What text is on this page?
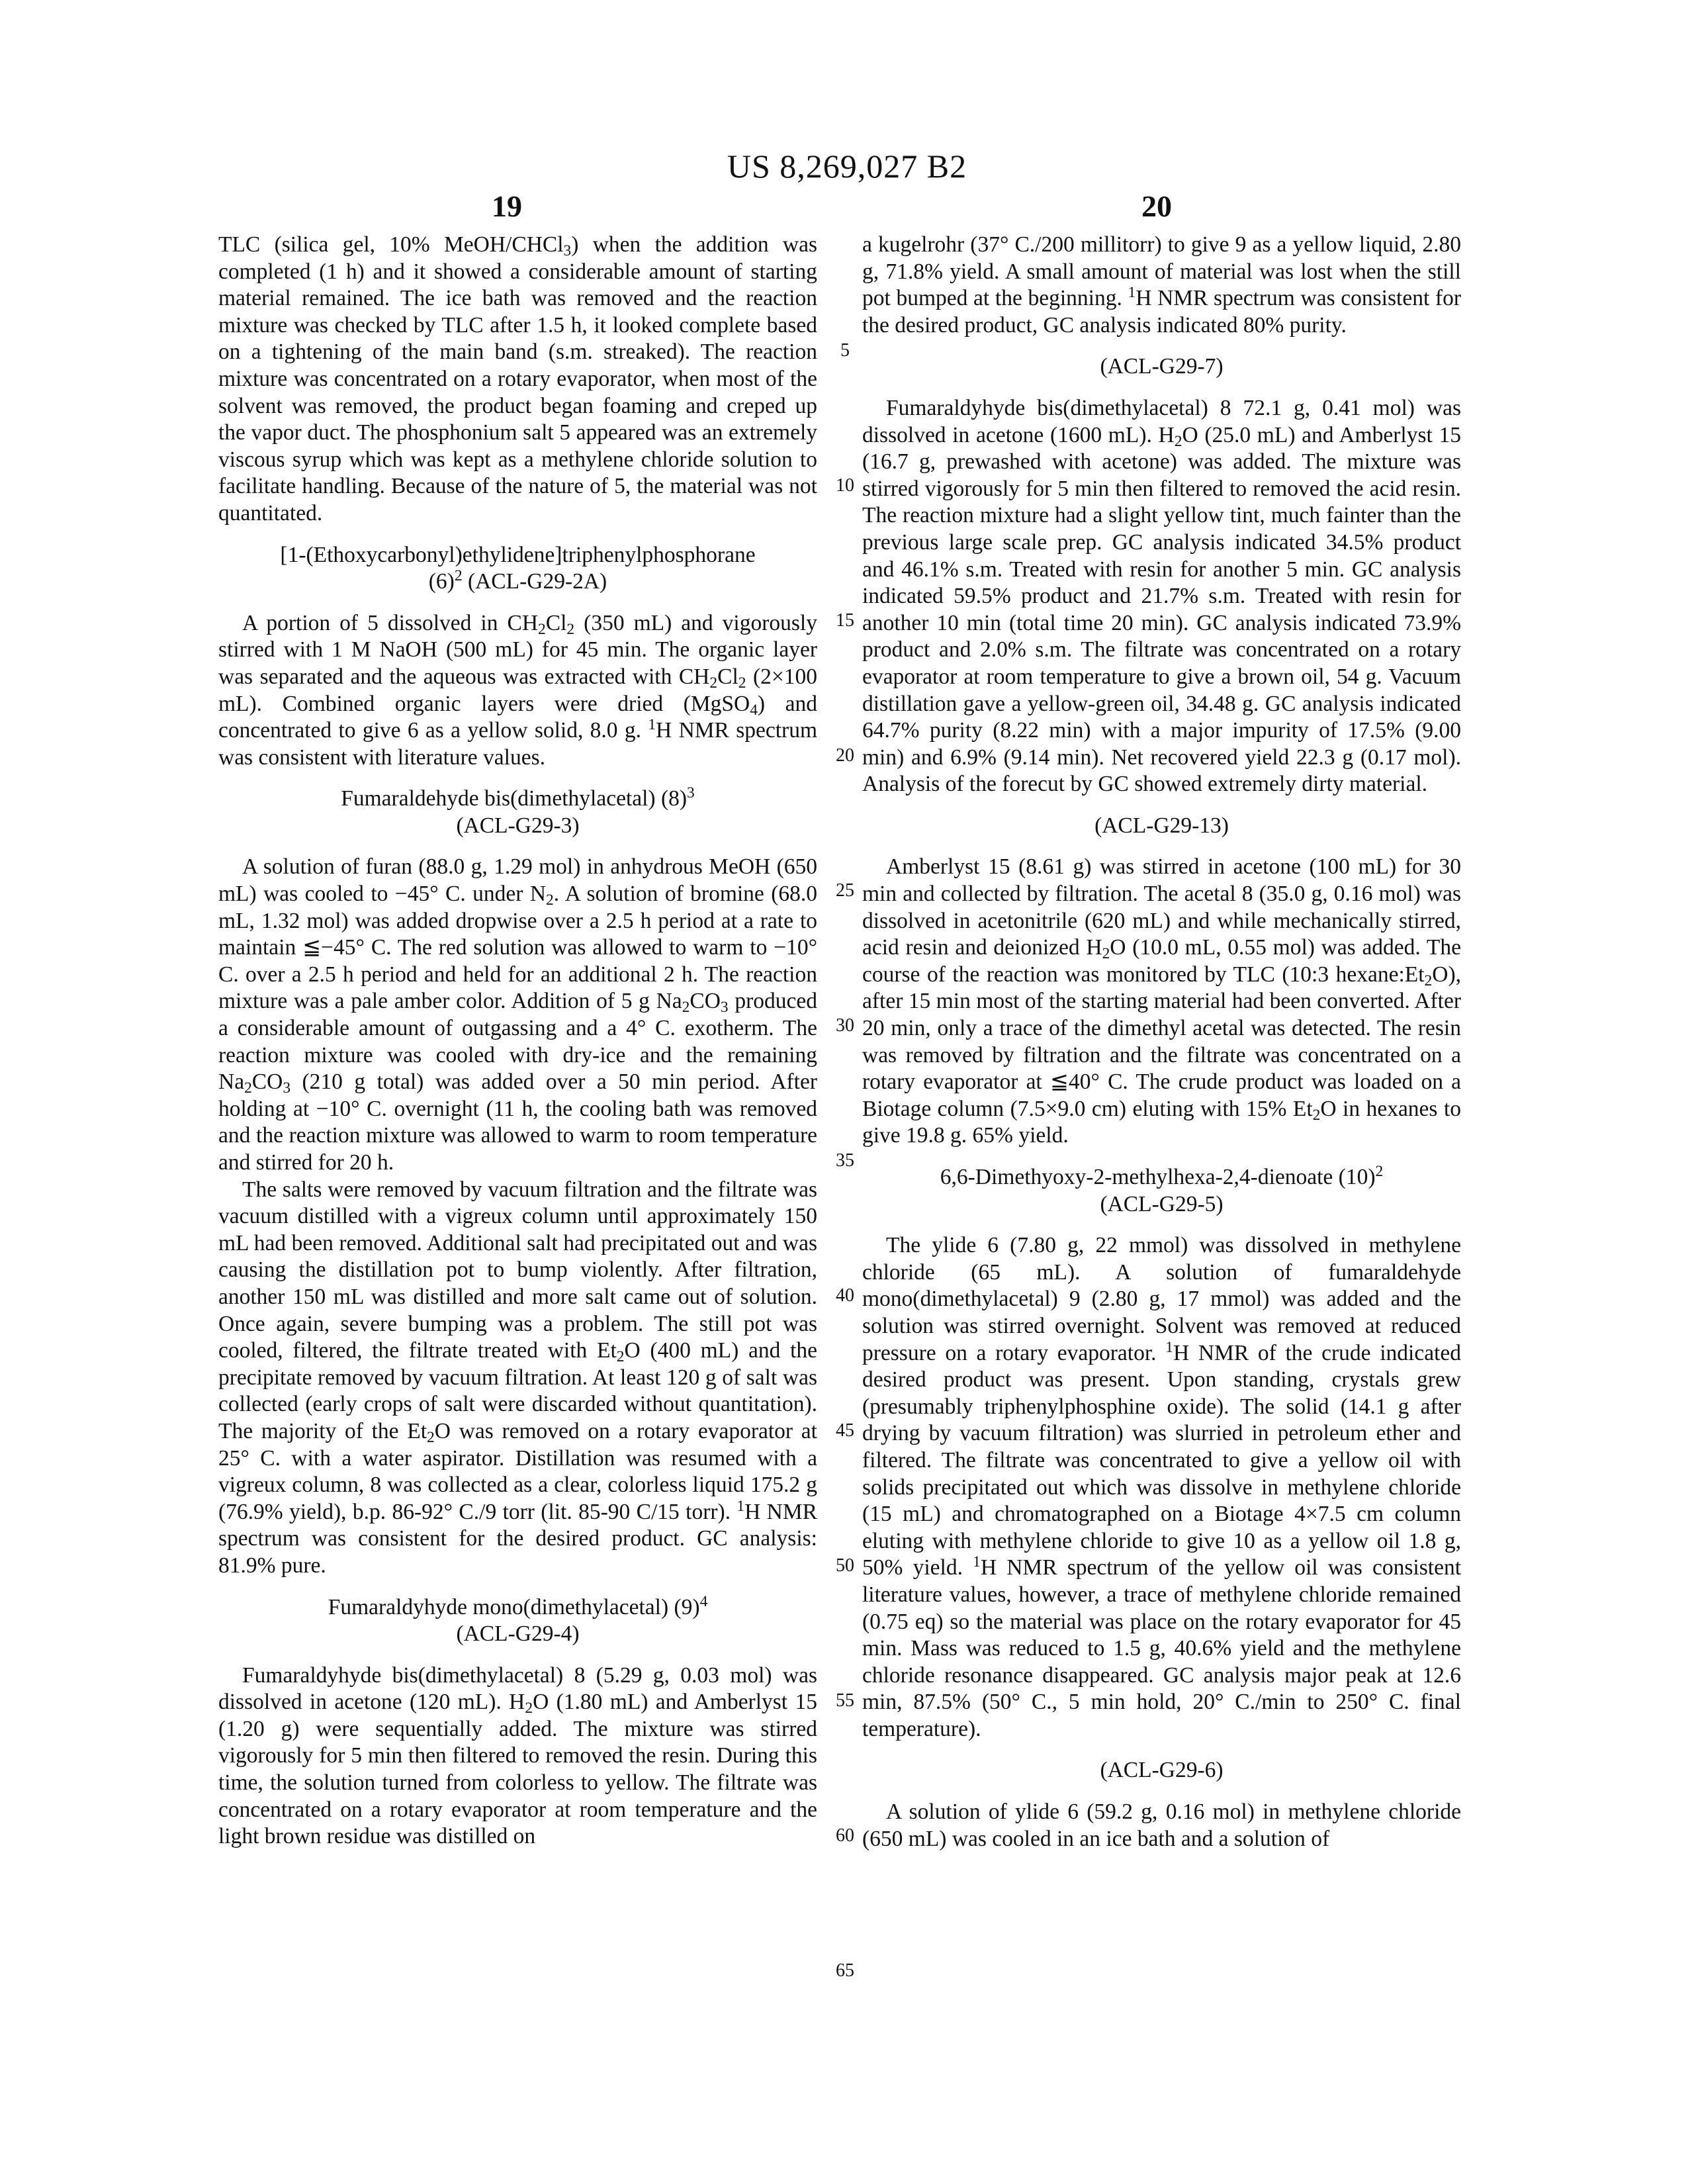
US 8,269,027 B2
19	20
5
10
15
20
25
30
35
40
45
50
55
60
65

TLC (silica gel, 10% MeOH/CHCl3) when the addition was completed (1 h) and it showed a considerable amount of starting material remained. The ice bath was removed and the reaction mixture was checked by TLC after 1.5 h, it looked complete based on a tightening of the main band (s.m. streaked). The reaction mixture was concentrated on a rotary evaporator, when most of the solvent was removed, the product began foaming and creped up the vapor duct. The phosphonium salt 5 appeared was an extremely viscous syrup which was kept as a methylene chloride solution to facilitate handling. Because of the nature of 5, the material was not quantitated.

[1-(Ethoxycarbonyl)ethylidene]triphenylphosphorane
(6)2 (ACL-G29-2A)

A portion of 5 dissolved in CH2Cl2 (350 mL) and vigorously stirred with 1 M NaOH (500 mL) for 45 min. The organic layer was separated and the aqueous was extracted with CH2Cl2 (2×100 mL). Combined organic layers were dried (MgSO4) and concentrated to give 6 as a yellow solid, 8.0 g. 1H NMR spectrum was consistent with literature values.

Fumaraldehyde bis(dimethylacetal) (8)3
(ACL-G29-3)

A solution of furan (88.0 g, 1.29 mol) in anhydrous MeOH (650 mL) was cooled to −45° C. under N2. A solution of bromine (68.0 mL, 1.32 mol) was added dropwise over a 2.5 h period at a rate to maintain ≦−45° C. The red solution was allowed to warm to −10° C. over a 2.5 h period and held for an additional 2 h. The reaction mixture was a pale amber color. Addition of 5 g Na2CO3 produced a considerable amount of outgassing and a 4° C. exotherm. The reaction mixture was cooled with dry-ice and the remaining Na2CO3 (210 g total) was added over a 50 min period. After holding at −10° C. overnight (11 h, the cooling bath was removed and the reaction mixture was allowed to warm to room temperature and stirred for 20 h.

The salts were removed by vacuum filtration and the filtrate was vacuum distilled with a vigreux column until approximately 150 mL had been removed. Additional salt had precipitated out and was causing the distillation pot to bump violently. After filtration, another 150 mL was distilled and more salt came out of solution. Once again, severe bumping was a problem. The still pot was cooled, filtered, the filtrate treated with Et2O (400 mL) and the precipitate removed by vacuum filtration. At least 120 g of salt was collected (early crops of salt were discarded without quantitation). The majority of the Et2O was removed on a rotary evaporator at 25° C. with a water aspirator. Distillation was resumed with a vigreux column, 8 was collected as a clear, colorless liquid 175.2 g (76.9% yield), b.p. 86-92° C./9 torr (lit. 85-90 C/15 torr). 1H NMR spectrum was consistent for the desired product. GC analysis: 81.9% pure.

Fumaraldyhyde mono(dimethylacetal) (9)4
(ACL-G29-4)

Fumaraldyhyde bis(dimethylacetal) 8 (5.29 g, 0.03 mol) was dissolved in acetone (120 mL). H2O (1.80 mL) and Amberlyst 15 (1.20 g) were sequentially added. The mixture was stirred vigorously for 5 min then filtered to removed the resin. During this time, the solution turned from colorless to yellow. The filtrate was concentrated on a rotary evaporator at room temperature and the light brown residue was distilled on

a kugelrohr (37° C./200 millitorr) to give 9 as a yellow liquid, 2.80 g, 71.8% yield. A small amount of material was lost when the still pot bumped at the beginning. 1H NMR spectrum was consistent for the desired product, GC analysis indicated 80% purity.

(ACL-G29-7)

Fumaraldyhyde bis(dimethylacetal) 8 72.1 g, 0.41 mol) was dissolved in acetone (1600 mL). H2O (25.0 mL) and Amberlyst 15 (16.7 g, prewashed with acetone) was added. The mixture was stirred vigorously for 5 min then filtered to removed the acid resin. The reaction mixture had a slight yellow tint, much fainter than the previous large scale prep. GC analysis indicated 34.5% product and 46.1% s.m. Treated with resin for another 5 min. GC analysis indicated 59.5% product and 21.7% s.m. Treated with resin for another 10 min (total time 20 min). GC analysis indicated 73.9% product and 2.0% s.m. The filtrate was concentrated on a rotary evaporator at room temperature to give a brown oil, 54 g. Vacuum distillation gave a yellow-green oil, 34.48 g. GC analysis indicated 64.7% purity (8.22 min) with a major impurity of 17.5% (9.00 min) and 6.9% (9.14 min). Net recovered yield 22.3 g (0.17 mol). Analysis of the forecut by GC showed extremely dirty material.

(ACL-G29-13)

Amberlyst 15 (8.61 g) was stirred in acetone (100 mL) for 30 min and collected by filtration. The acetal 8 (35.0 g, 0.16 mol) was dissolved in acetonitrile (620 mL) and while mechanically stirred, acid resin and deionized H2O (10.0 mL, 0.55 mol) was added. The course of the reaction was monitored by TLC (10:3 hexane:Et2O), after 15 min most of the starting material had been converted. After 20 min, only a trace of the dimethyl acetal was detected. The resin was removed by filtration and the filtrate was concentrated on a rotary evaporator at ≦40° C. The crude product was loaded on a Biotage column (7.5×9.0 cm) eluting with 15% Et2O in hexanes to give 19.8 g. 65% yield.

6,6-Dimethyoxy-2-methylhexa-2,4-dienoate (10)2
(ACL-G29-5)

The ylide 6 (7.80 g, 22 mmol) was dissolved in methylene chloride (65 mL). A solution of fumaraldehyde mono(dimethylacetal) 9 (2.80 g, 17 mmol) was added and the solution was stirred overnight. Solvent was removed at reduced pressure on a rotary evaporator. 1H NMR of the crude indicated desired product was present. Upon standing, crystals grew (presumably triphenylphosphine oxide). The solid (14.1 g after drying by vacuum filtration) was slurried in petroleum ether and filtered. The filtrate was concentrated to give a yellow oil with solids precipitated out which was dissolve in methylene chloride (15 mL) and chromatographed on a Biotage 4×7.5 cm column eluting with methylene chloride to give 10 as a yellow oil 1.8 g, 50% yield. 1H NMR spectrum of the yellow oil was consistent literature values, however, a trace of methylene chloride remained (0.75 eq) so the material was place on the rotary evaporator for 45 min. Mass was reduced to 1.5 g, 40.6% yield and the methylene chloride resonance disappeared. GC analysis major peak at 12.6 min, 87.5% (50° C., 5 min hold, 20° C./min to 250° C. final temperature).

(ACL-G29-6)

A solution of ylide 6 (59.2 g, 0.16 mol) in methylene chloride (650 mL) was cooled in an ice bath and a solution of
